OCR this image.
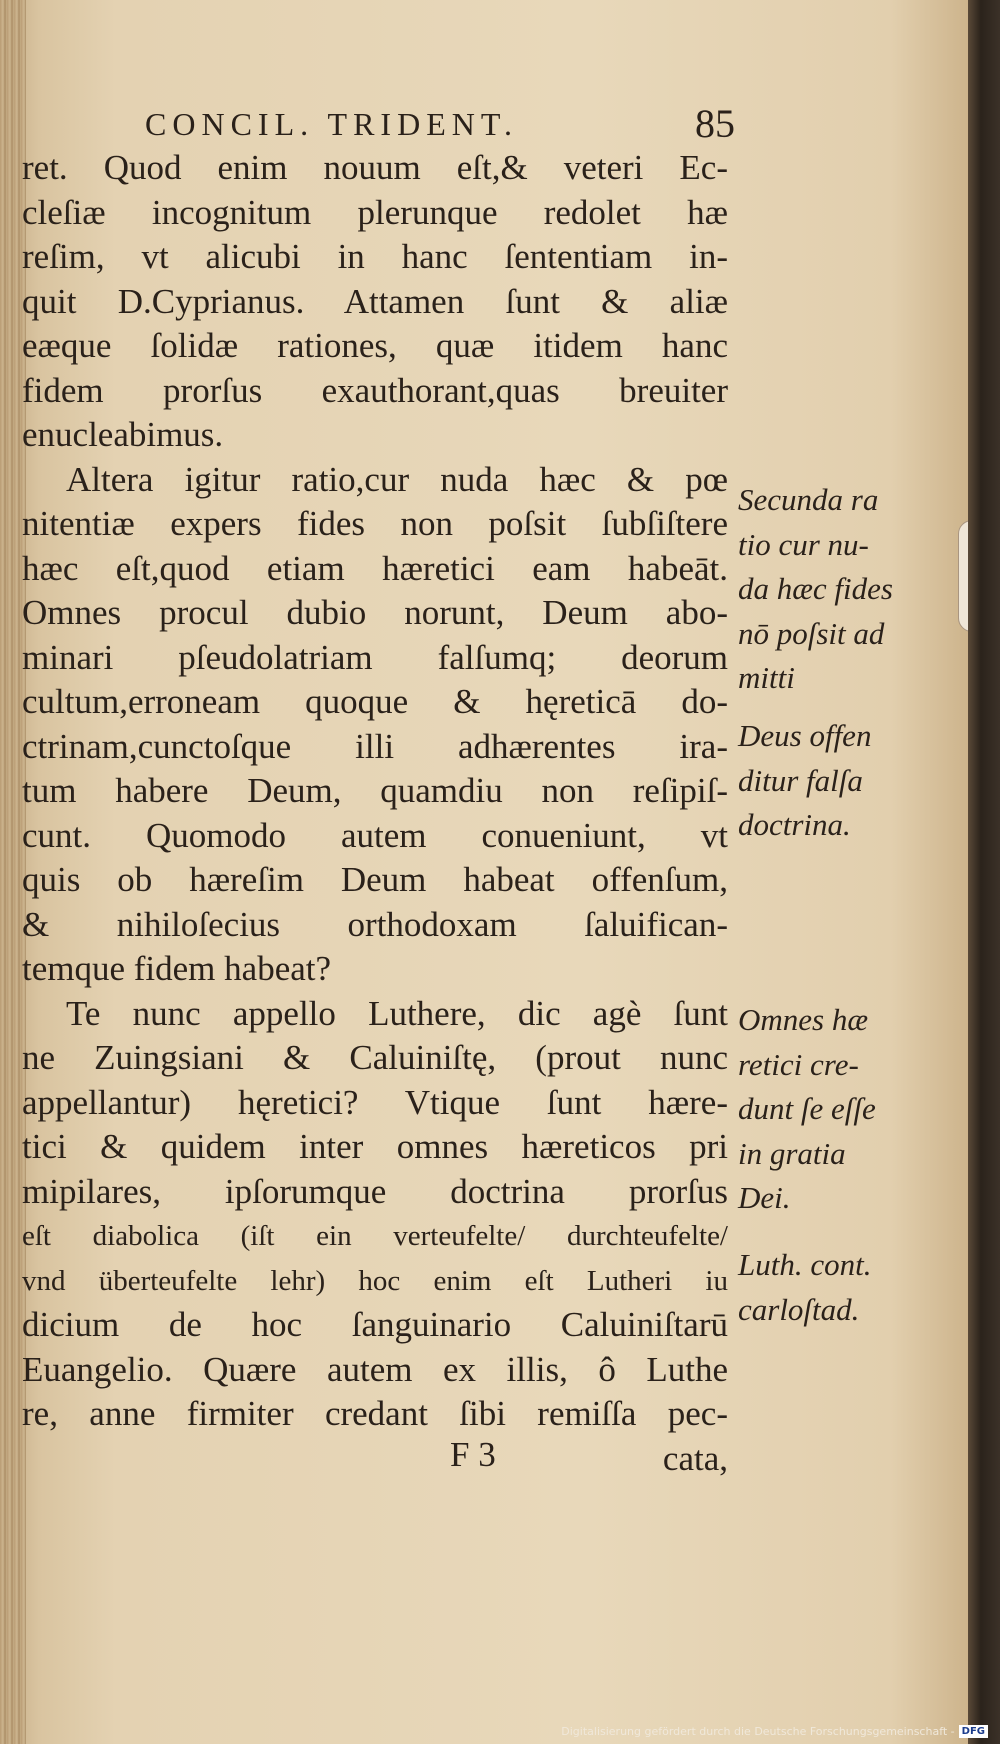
CONCIL. TRIDENT.	85
ret. Quod enim nouum eſt,& veteri Ec-
cleſiæ incognitum plerunque redolet hæ
reſim, vt alicubi in hanc ſententiam in-
quit D.Cyprianus. Attamen ſunt & aliæ
eæque ſolidæ rationes, quæ itidem hanc
fidem prorſus exauthorant,quas breuiter
enucleabimus.
Altera igitur ratio,cur nuda hæc & pœ
nitentiæ expers fides non poſsit ſubſiſtere
hæc eſt,quod etiam hæretici eam habeāt.
Omnes procul dubio norunt, Deum abo-
minari pſeudolatriam falſumq; deorum
cultum,erroneam quoque & hęreticā do-
ctrinam,cunctoſque illi adhærentes ira-
tum habere Deum, quamdiu non reſipiſ-
cunt. Quomodo autem conueniunt, vt
quis ob hæreſim Deum habeat offenſum,
& nihiloſecius orthodoxam ſaluifican-
temque fidem habeat?
Te nunc appello Luthere, dic agè ſunt
ne Zuingsiani & Caluiniſtę, (prout nunc
appellantur) hęretici? Vtique ſunt hære-
tici & quidem inter omnes hæreticos pri
mipilares, ipſorumque doctrina prorſus
eſt diabolica (iſt ein verteufelte/ durchteufelte/
vnd überteufelte lehr) hoc enim eſt Lutheri iu
dicium de hoc ſanguinario Caluiniſtarū
Euangelio. Quære autem ex illis, ô Luthe
re, anne firmiter credant ſibi remiſſa pec-
Secunda ra
tio cur nu-
da hæc fides
nō poſsit ad
mitti
Deus offen
ditur falſa
doctrina.
Omnes hæ
retici cre-
dunt ſe eſſe
in gratia
Dei.
Luth. cont.
carloſtad.
F 3	cata,
Digitalisierung gefördert durch die Deutsche Forschungsgemeinschaft - DFG
